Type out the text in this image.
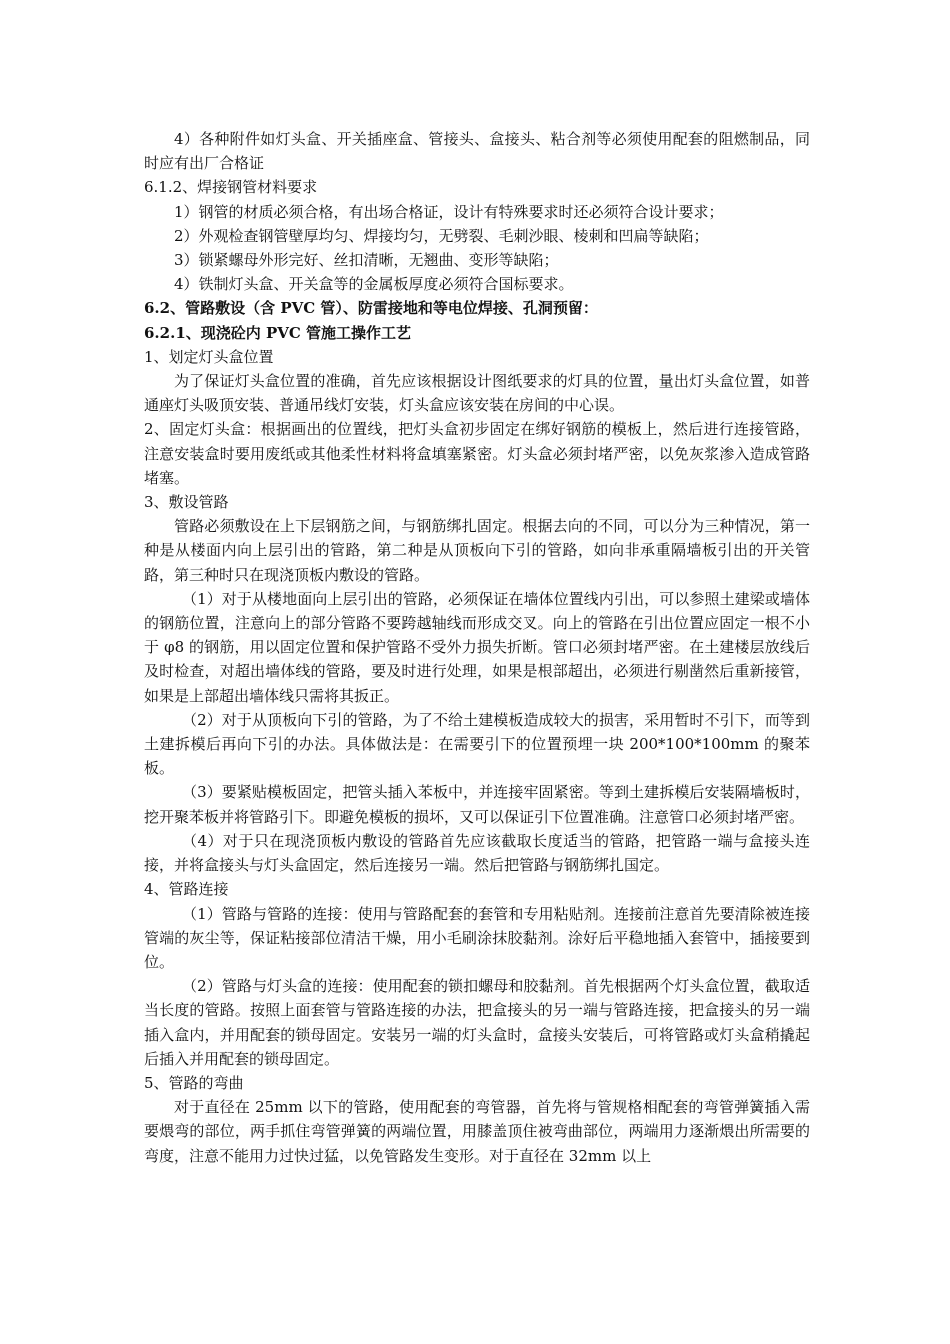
4）各种附件如灯头盒、开关插座盒、管接头、盒接头、粘合剂等必须使用配套的阻燃制品，同时应有出厂合格证

6.1.2、焊接钢管材料要求

1）钢管的材质必须合格，有出场合格证，设计有特殊要求时还必须符合设计要求；

2）外观检查钢管壁厚均匀、焊接均匀，无劈裂、毛刺沙眼、棱刺和凹扁等缺陷；

3）锁紧螺母外形完好、丝扣清晰，无翘曲、变形等缺陷；

4）铁制灯头盒、开关盒等的金属板厚度必须符合国标要求。

6.2、管路敷设（含 PVC 管）、防雷接地和等电位焊接、孔洞预留：

6.2.1、现浇砼内 PVC 管施工操作工艺

1、划定灯头盒位置

为了保证灯头盒位置的准确，首先应该根据设计图纸要求的灯具的位置，量出灯头盒位置，如普通座灯头吸顶安装、普通吊线灯安装，灯头盒应该安装在房间的中心误。

2、固定灯头盒：根据画出的位置线，把灯头盒初步固定在绑好钢筋的模板上，然后进行连接管路，注意安装盒时要用废纸或其他柔性材料将盒填塞紧密。灯头盒必须封堵严密，以免灰浆渗入造成管路堵塞。

3、敷设管路

管路必须敷设在上下层钢筋之间，与钢筋绑扎固定。根据去向的不同，可以分为三种情况，第一种是从楼面内向上层引出的管路，第二种是从顶板向下引的管路，如向非承重隔墙板引出的开关管路，第三种时只在现浇顶板内敷设的管路。

（1）对于从楼地面向上层引出的管路，必须保证在墙体位置线内引出，可以参照土建梁或墙体的钢筋位置，注意向上的部分管路不要跨越轴线而形成交叉。向上的管路在引出位置应固定一根不小于 φ8 的钢筋，用以固定位置和保护管路不受外力损失折断。管口必须封堵严密。在土建楼层放线后及时检查，对超出墙体线的管路，要及时进行处理，如果是根部超出，必须进行剔凿然后重新接管，如果是上部超出墙体线只需将其扳正。

（2）对于从顶板向下引的管路，为了不给土建模板造成较大的损害，采用暂时不引下，而等到土建拆模后再向下引的办法。具体做法是：在需要引下的位置预埋一块 200*100*100mm 的聚苯板。

（3）要紧贴模板固定，把管头插入苯板中，并连接牢固紧密。等到土建拆模后安装隔墙板时，挖开聚苯板并将管路引下。即避免模板的损坏，又可以保证引下位置准确。注意管口必须封堵严密。

（4）对于只在现浇顶板内敷设的管路首先应该截取长度适当的管路，把管路一端与盒接头连接，并将盒接头与灯头盒固定，然后连接另一端。然后把管路与钢筋绑扎国定。

4、管路连接

（1）管路与管路的连接：使用与管路配套的套管和专用粘贴剂。连接前注意首先要清除被连接管端的灰尘等，保证粘接部位清洁干燥，用小毛刷涂抹胶黏剂。涂好后平稳地插入套管中，插接要到位。

（2）管路与灯头盒的连接：使用配套的锁扣螺母和胶黏剂。首先根据两个灯头盒位置，截取适当长度的管路。按照上面套管与管路连接的办法，把盒接头的另一端与管路连接，把盒接头的另一端插入盒内，并用配套的锁母固定。安装另一端的灯头盒时，盒接头安装后，可将管路或灯头盒稍撬起后插入并用配套的锁母固定。

5、管路的弯曲

对于直径在 25mm 以下的管路，使用配套的弯管器，首先将与管规格相配套的弯管弹簧插入需要煨弯的部位，两手抓住弯管弹簧的两端位置，用膝盖顶住被弯曲部位，两端用力逐渐煨出所需要的弯度，注意不能用力过快过猛，以免管路发生变形。对于直径在 32mm 以上
